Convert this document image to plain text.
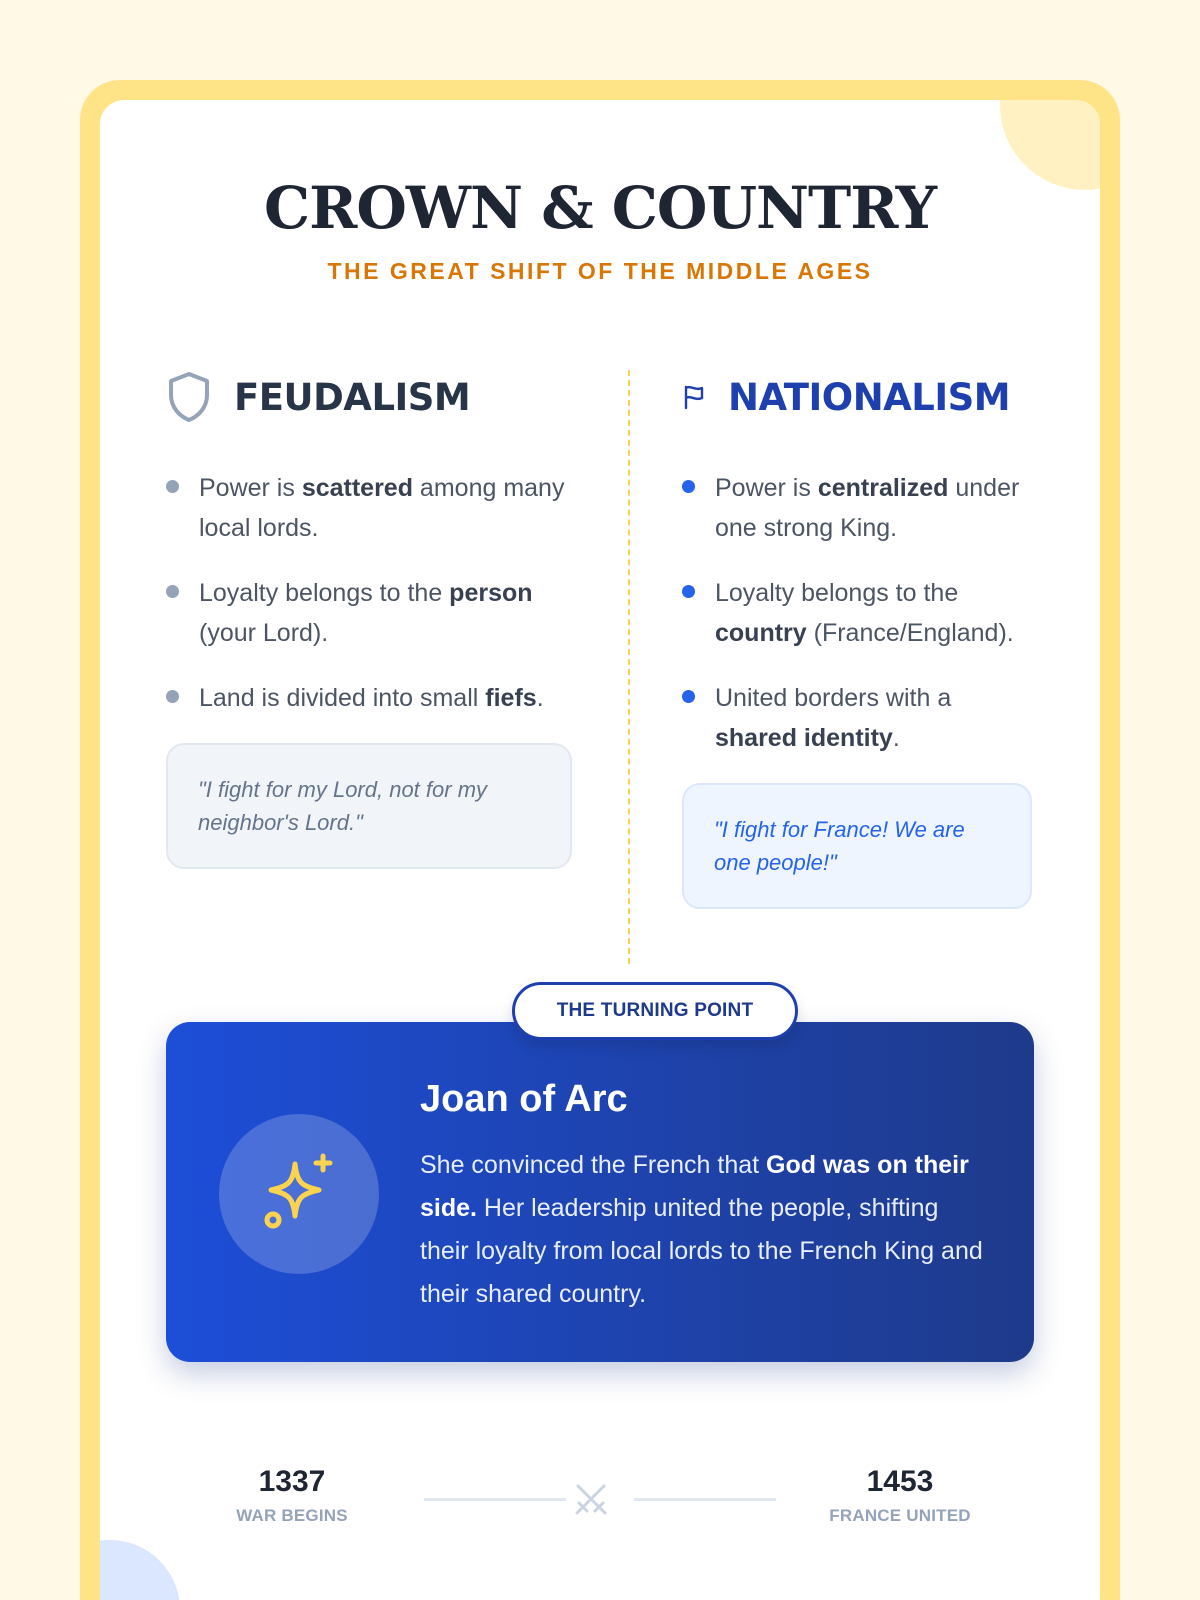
CROWN & COUNTRY
THE GREAT SHIFT OF THE MIDDLE AGES
FEUDALISM
Power is scattered among many local lords.
Loyalty belongs to the person (your Lord).
Land is divided into small fiefs.
"I fight for my Lord, not for my neighbor's Lord."
NATIONALISM
Power is centralized under one strong King.
Loyalty belongs to the country (France/England).
United borders with a shared identity.
"I fight for France! We are one people!"
THE TURNING POINT
Joan of Arc

She convinced the French that God was on their side. Her leadership united the people, shifting their loyalty from local lords to the French King and their shared country.

1337
WAR BEGINS
1453
FRANCE UNITED
